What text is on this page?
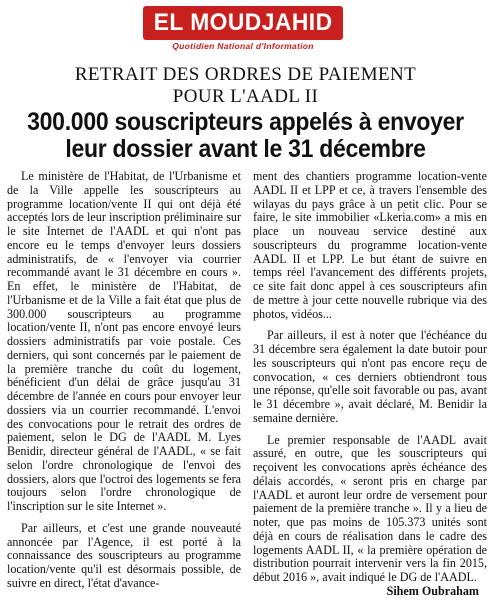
EL MOUDJAHID
Quotidien National d'Information
RETRAIT DES ORDRES DE PAIEMENT
POUR L'AADL II
300.000 souscripteurs appelés à envoyer
leur dossier avant le 31 décembre

Le ministère de l'Habitat, de l'Urbanisme et de la Ville appelle les souscripteurs au programme location/vente II qui ont déjà été acceptés lors de leur inscription préliminaire sur le site Internet de l'AADL et qui n'ont pas encore eu le temps d'envoyer leurs dossiers administratifs, de « l'envoyer via courrier recommandé avant le 31 décembre en cours ». En effet, le ministère de l'Habitat, de l'Urbanisme et de la Ville a fait état que plus de 300.000 souscripteurs au programme location/vente II, n'ont pas encore envoyé leurs dossiers administratifs par voie postale. Ces derniers, qui sont concernés par le paiement de la première tranche du coût du logement, bénéficient d'un délai de grâce jusqu'au 31 décembre de l'année en cours pour envoyer leur dossiers via un courrier recommandé. L'envoi des convocations pour le retrait des ordres de paiement, selon le DG de l'AADL M. Lyes Benidir, directeur général de l'AADL, « se fait selon l'ordre chronologique de l'envoi des dossiers, alors que l'octroi des logements se fera toujours selon l'ordre chronologique de l'inscription sur le site Internet ».

Par ailleurs, et c'est une grande nouveauté annoncée par l'Agence, il est porté à la connaissance des souscripteurs au programme location/vente qu'il est désormais possible, de suivre en direct, l'état d'avance-

ment des chantiers programme location-vente AADL II et LPP et ce, à travers l'ensemble des wilayas du pays grâce à un petit clic. Pour se faire, le site immobilier «Lkeria.com» a mis en place un nouveau service destiné aux souscripteurs du programme location-vente AADL II et LPP. Le but étant de suivre en temps réel l'avancement des différents projets, ce site fait donc appel à ces souscripteurs afin de mettre à jour cette nouvelle rubrique via des photos, vidéos...

Par ailleurs, il est à noter que l'échéance du 31 décembre sera également la date butoir pour les souscripteurs qui n'ont pas encore reçu de convocation, « ces derniers obtiendront tous une réponse, qu'elle soit favorable ou pas, avant le 31 décembre », avait déclaré, M. Benidir la semaine dernière.

Le premier responsable de l'AADL avait assuré, en outre, que les souscripteurs qui reçoivent les convocations après échéance des délais accordés, « seront pris en charge par l'AADL et auront leur ordre de versement pour paiement de la première tranche ». Il y a lieu de noter, que pas moins de 105.373 unités sont déjà en cours de réalisation dans le cadre des logements AADL II, « la première opération de distribution pourrait intervenir vers la fin 2015, début 2016 », avait indiqué le DG de l'AADL.

Sihem Oubraham
